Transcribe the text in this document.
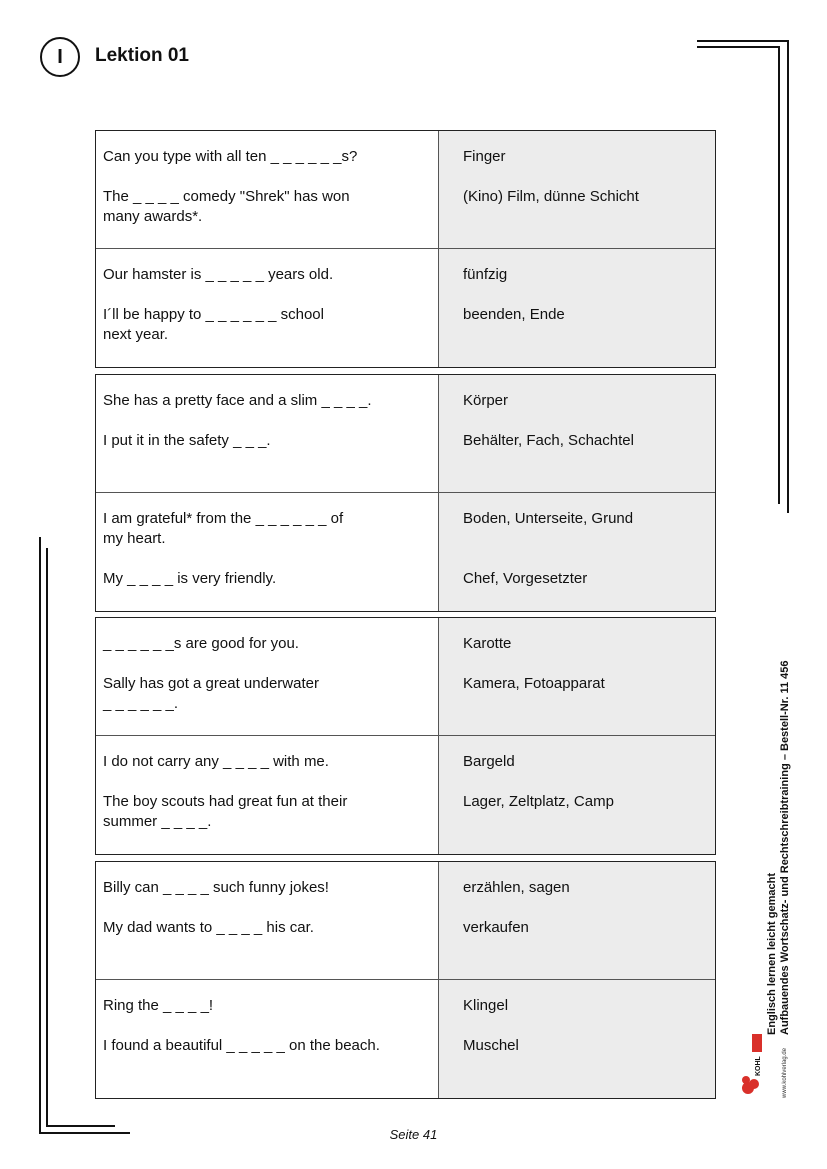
I Lektion 01
Can you type with all ten _ _ _ _ _ _s?
The _ _ _ _ comedy "Shrek" has won
many awards*.
Finger
(Kino) Film, dünne Schicht
Our hamster is _ _ _ _ _ years old.
I´ll be happy to _ _ _ _ _ _ school
next year.
fünfzig
beenden, Ende
She has a pretty face and a slim _ _ _ _.
I put it in the safety _ _ _.
Körper
Behälter, Fach, Schachtel
I am grateful* from the _ _ _ _ _ _ of
my heart.
My _ _ _ _ is very friendly.
Boden, Unterseite, Grund
Chef, Vorgesetzter
_ _ _ _ _ _s are good for you.
Sally has got a great underwater
_ _ _ _ _ _.
Karotte
Kamera, Fotoapparat
I do not carry any _ _ _ _ with me.
The boy scouts had great fun at their
summer _ _ _ _.
Bargeld
Lager, Zeltplatz, Camp
Billy can _ _ _ _ such funny jokes!
My dad wants to _ _ _ _ his car.
erzählen, sagen
verkaufen
Ring the _ _ _ _!
I found a beautiful _ _ _ _ _ on the beach.
Klingel
Muschel
Englisch lernen leicht gemacht Aufbauendes Wortschatz- und Rechtschreibtraining – Bestell-Nr. 11 456
KOHL	www.kohlverlag.de
Seite 41
